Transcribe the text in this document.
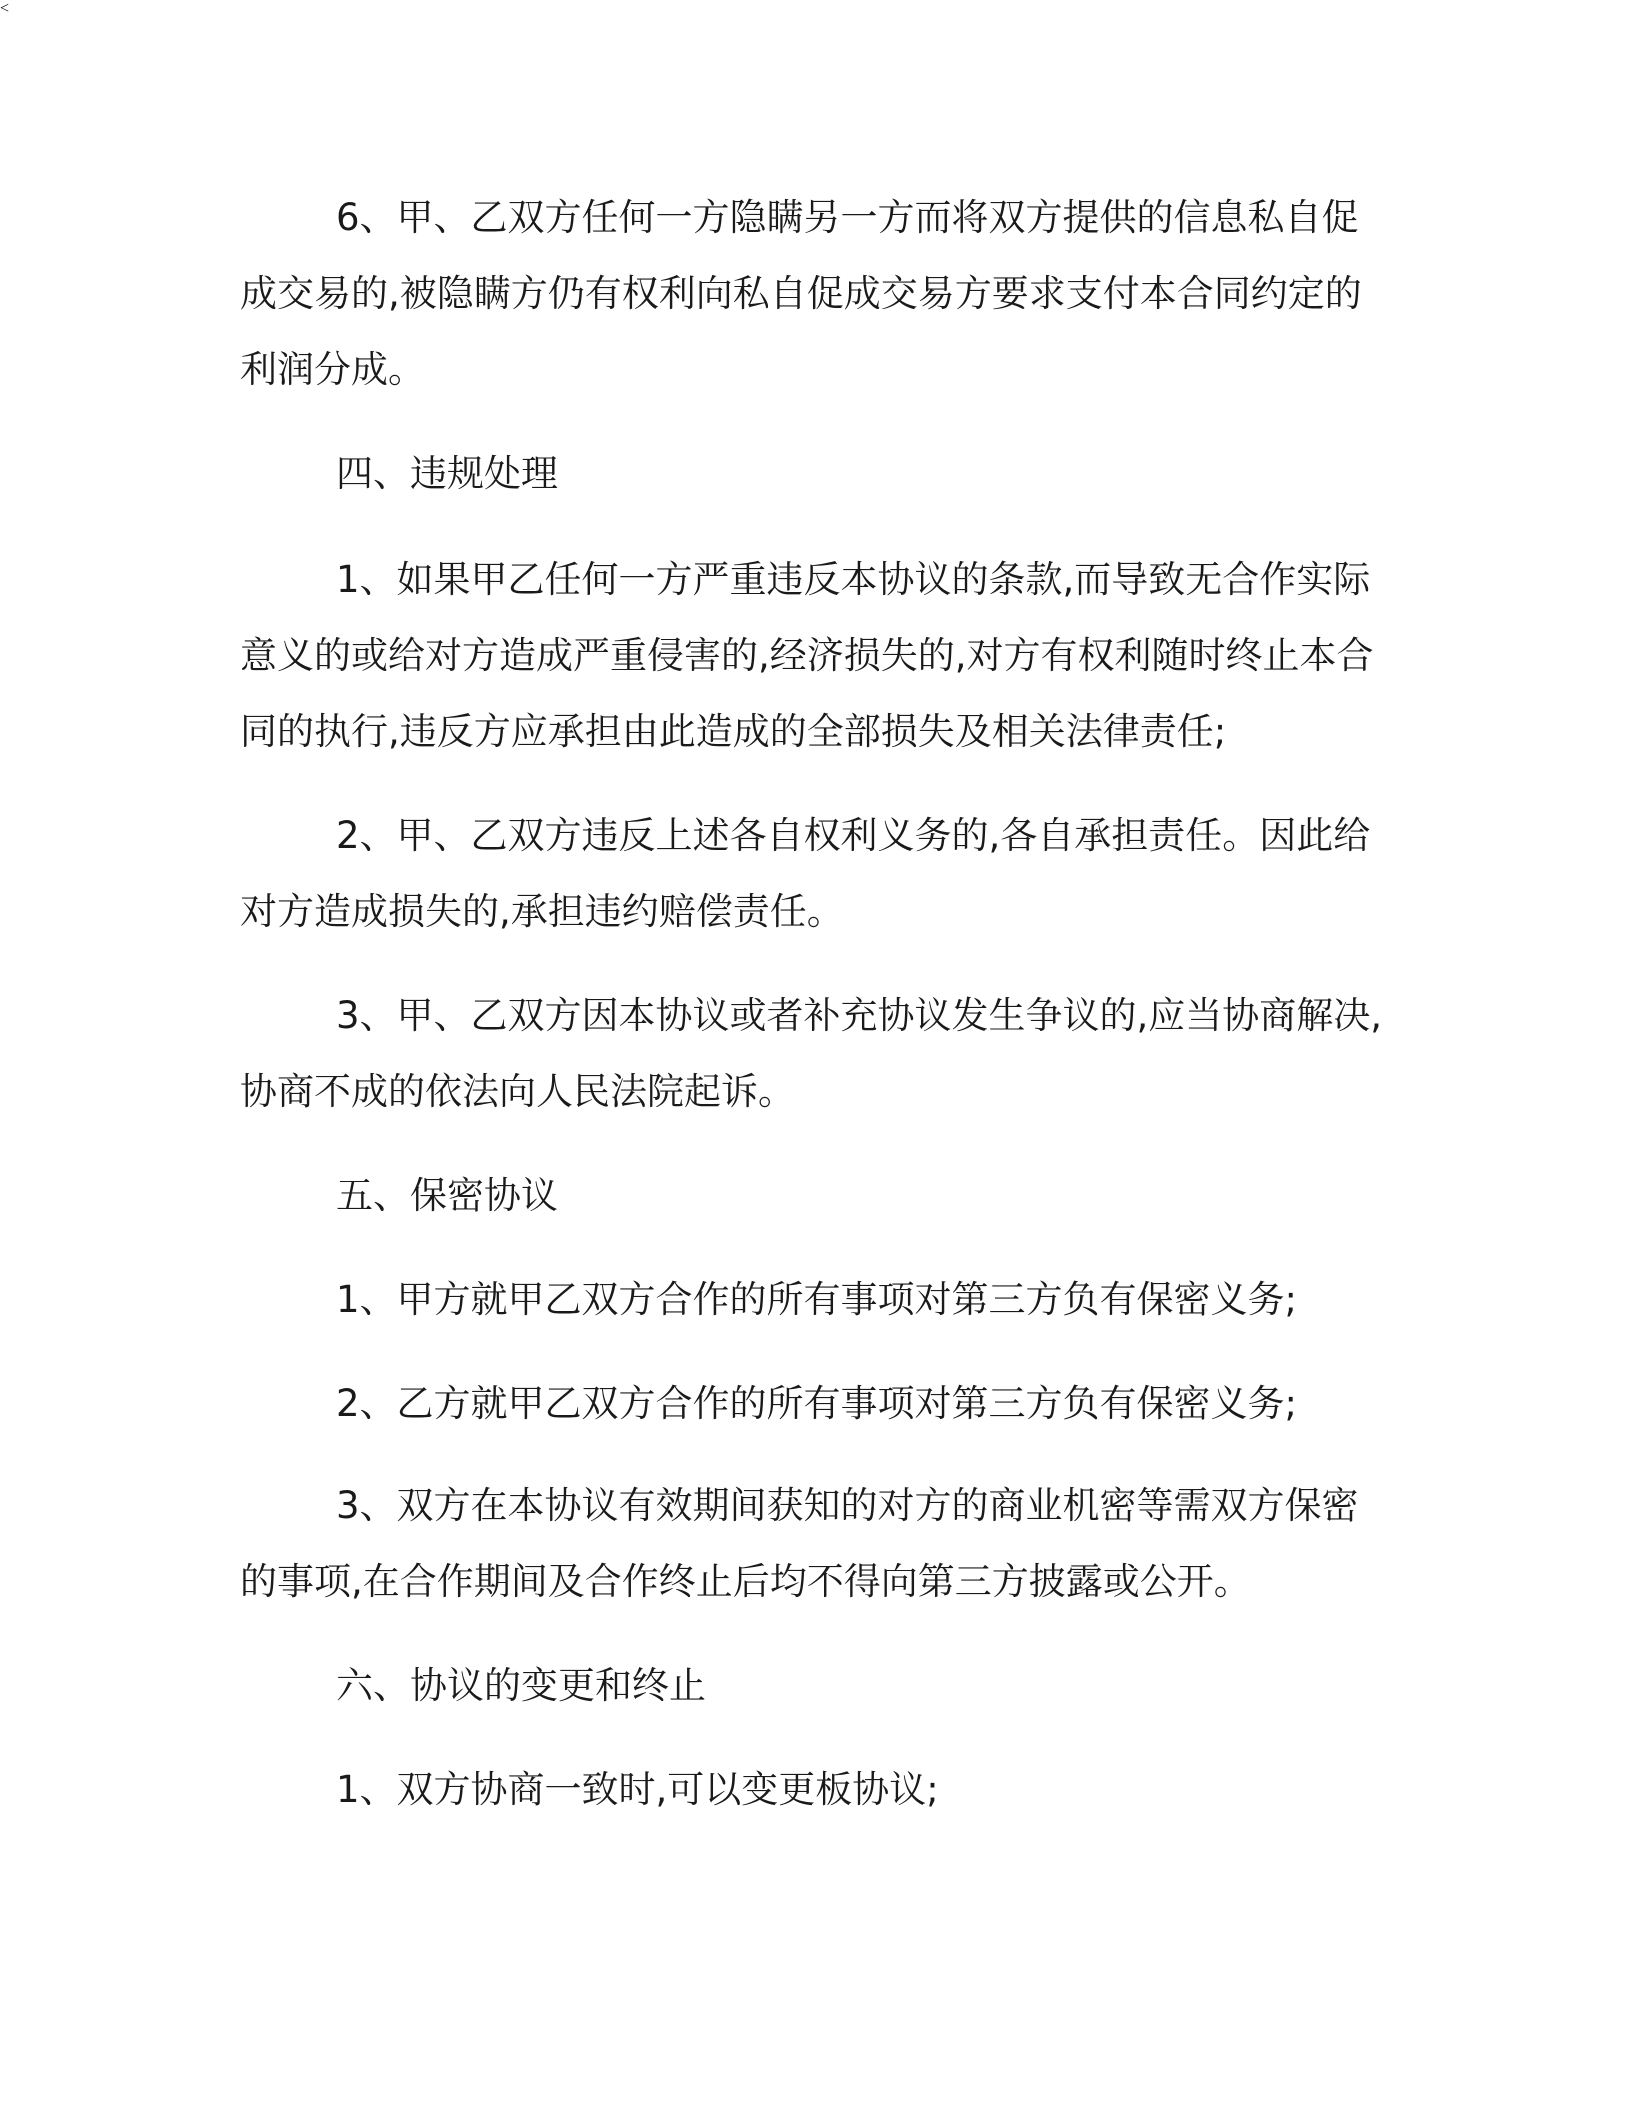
6、甲、乙双方任何一方隐瞒另一方而将双方提供的信息私自促
成交易的,被隐瞒方仍有权利向私自促成交易方要求支付本合同约定的
利润分成。

四、违规处理

1、如果甲乙任何一方严重违反本协议的条款,而导致无合作实际
意义的或给对方造成严重侵害的,经济损失的,对方有权利随时终止本合
同的执行,违反方应承担由此造成的全部损失及相关法律责任;

2、甲、乙双方违反上述各自权利义务的,各自承担责任。因此给
对方造成损失的,承担违约赔偿责任。

3、甲、乙双方因本协议或者补充协议发生争议的,应当协商解决,
协商不成的依法向人民法院起诉。

<

五、保密协议

1、甲方就甲乙双方合作的所有事项对第三方负有保密义务;

2、乙方就甲乙双方合作的所有事项对第三方负有保密义务;

3、双方在本协议有效期间获知的对方的商业机密等需双方保密
的事项,在合作期间及合作终止后均不得向第三方披露或公开。

六、协议的变更和终止

1、双方协商一致时,可以变更板协议;
